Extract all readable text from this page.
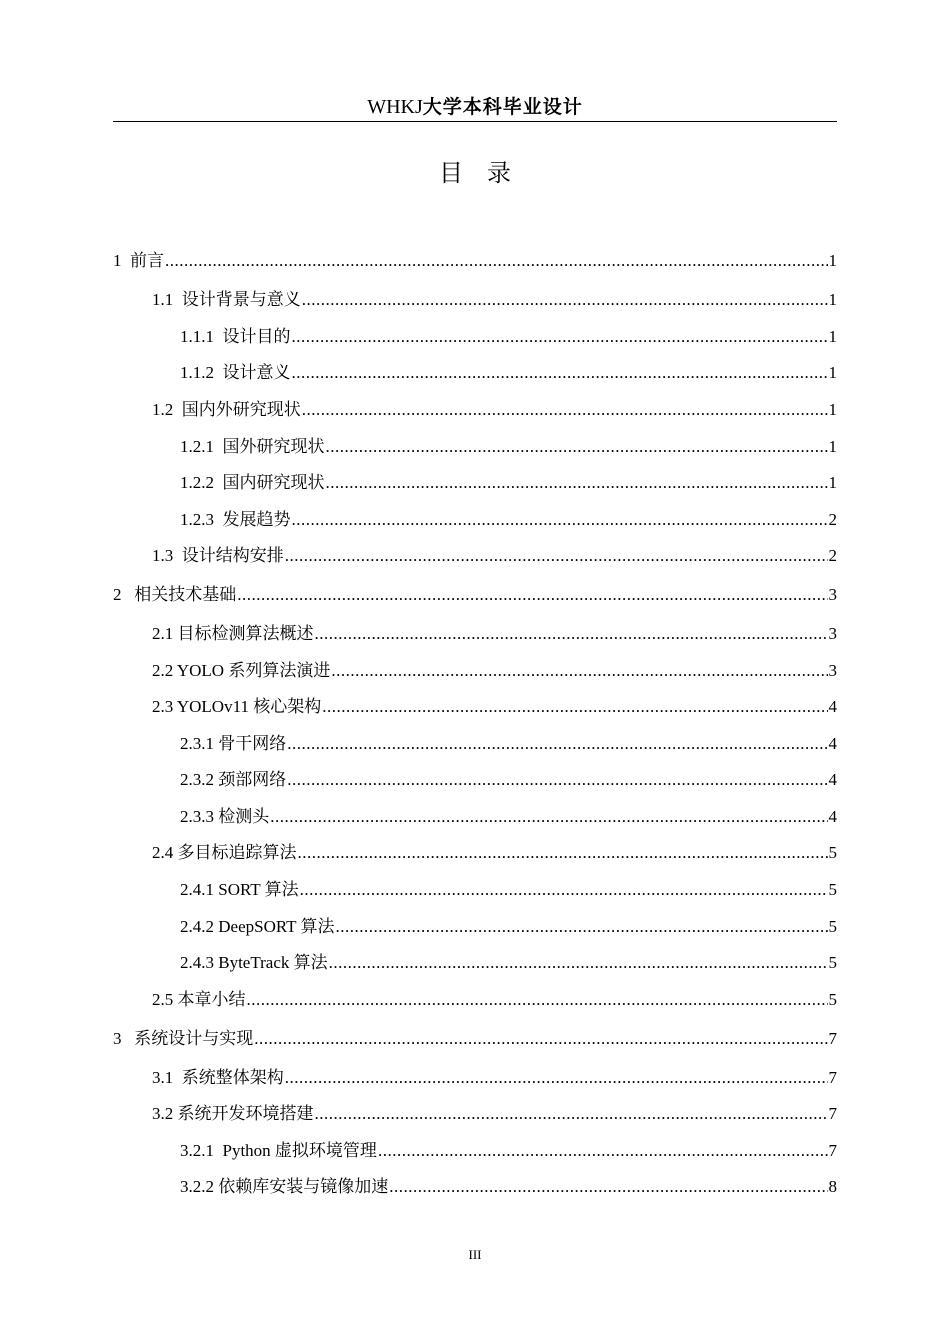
WHKJ大学本科毕业设计
目录
1  前言 .....	1
1.1  设计背景与意义 .....	1
1.1.1  设计目的 .....	1
1.1.2  设计意义 .....	1
1.2  国内外研究现状 .....	1
1.2.1  国外研究现状 .....	1
1.2.2  国内研究现状 .....	1
1.2.3  发展趋势 .....	2
1.3  设计结构安排 .....	2
2   相关技术基础 .....	3
2.1 目标检测算法概述 .....	3
2.2 YOLO 系列算法演进 .....	3
2.3 YOLOv11 核心架构 .....	4
2.3.1 骨干网络 .....	4
2.3.2 颈部网络 .....	4
2.3.3 检测头 .....	4
2.4 多目标追踪算法 .....	5
2.4.1 SORT 算法 .....	5
2.4.2 DeepSORT 算法 .....	5
2.4.3 ByteTrack 算法 .....	5
2.5 本章小结 .....	5
3   系统设计与实现 .....	7
3.1  系统整体架构 .....	7
3.2 系统开发环境搭建 .....	7
3.2.1  Python 虚拟环境管理 .....	7
3.2.2 依赖库安装与镜像加速 .....	8
III
